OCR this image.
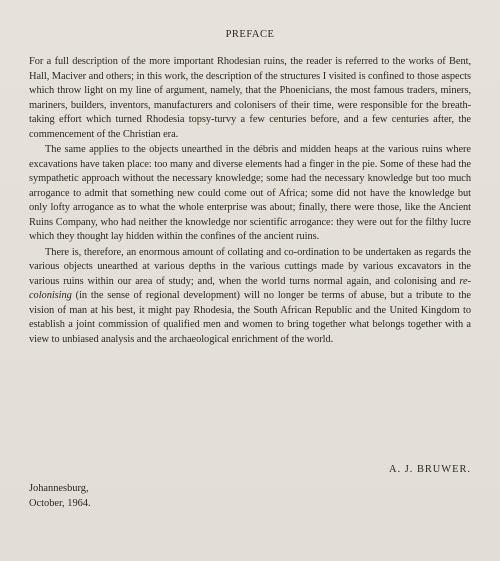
PREFACE

For a full description of the more important Rhodesian ruins, the reader is referred to the works of Bent, Hall, Maciver and others; in this work, the description of the structures I visited is confined to those aspects which throw light on my line of argument, namely, that the Phoenicians, the most famous traders, miners, mariners, builders, inventors, manufacturers and colonisers of their time, were responsible for the breath-taking effort which turned Rhodesia topsy-turvy a few centuries before, and a few centuries after, the commencement of the Christian era.

The same applies to the objects unearthed in the débris and midden heaps at the various ruins where excavations have taken place: too many and diverse elements had a finger in the pie. Some of these had the sympathetic approach without the necessary knowledge; some had the necessary knowledge but too much arrogance to admit that something new could come out of Africa; some did not have the knowledge but only lofty arrogance as to what the whole enterprise was about; finally, there were those, like the Ancient Ruins Company, who had neither the knowledge nor scientific arrogance: they were out for the filthy lucre which they thought lay hidden within the confines of the ancient ruins.

There is, therefore, an enormous amount of collating and co-ordination to be undertaken as regards the various objects unearthed at various depths in the various cuttings made by various excavators in the various ruins within our area of study; and, when the world turns normal again, and colonising and re-colonising (in the sense of regional development) will no longer be terms of abuse, but a tribute to the vision of man at his best, it might pay Rhodesia, the South African Republic and the United Kingdom to establish a joint commission of qualified men and women to bring together what belongs together with a view to unbiased analysis and the archaeological enrichment of the world.

A. J. BRUWER.
Johannesburg,
October, 1964.
